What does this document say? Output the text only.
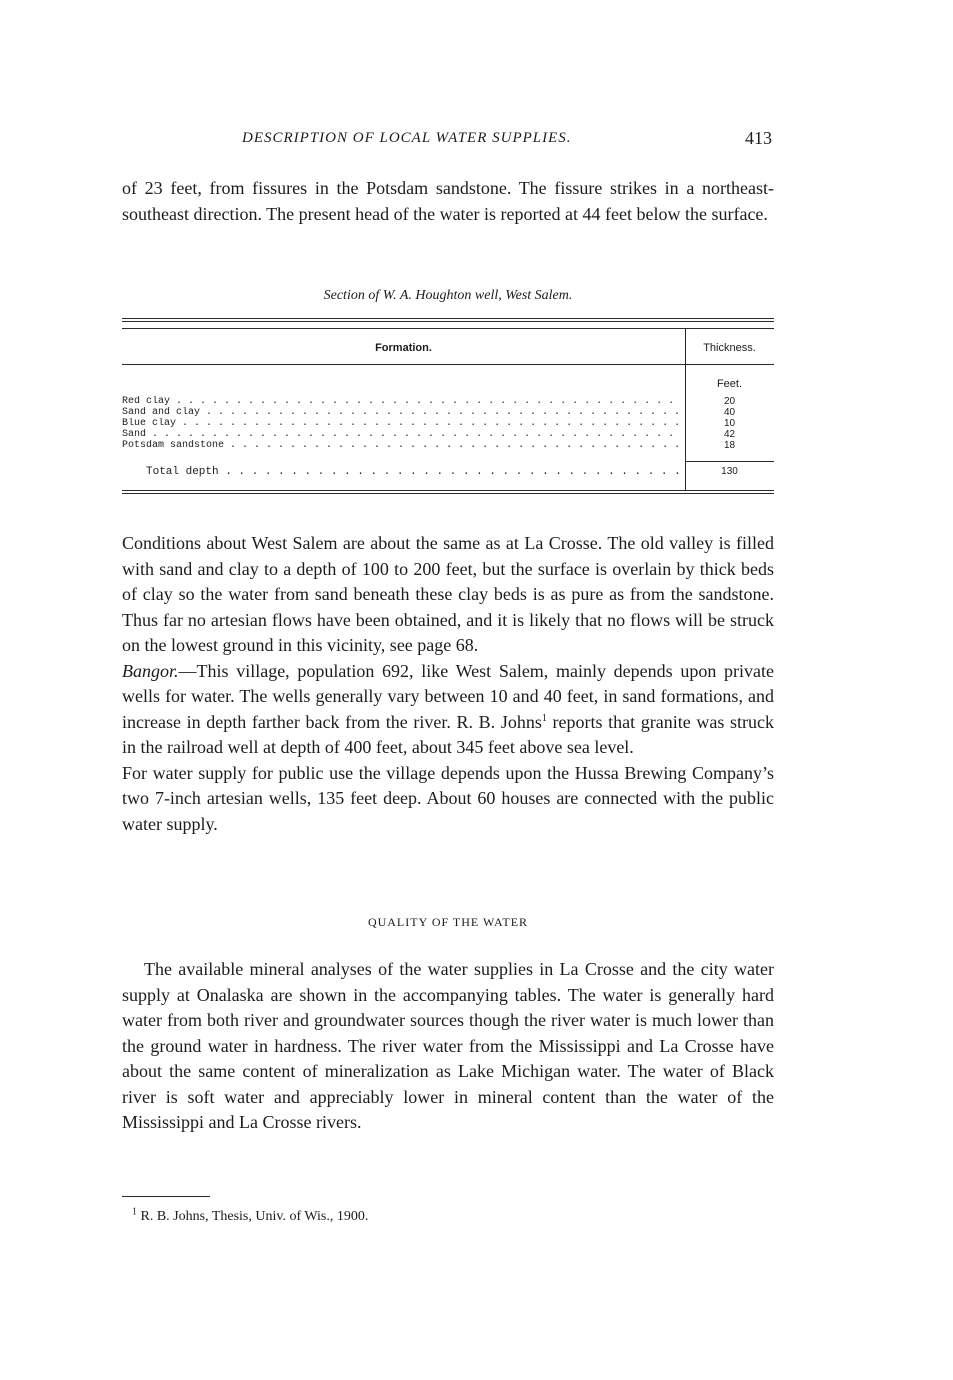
DESCRIPTION OF LOCAL WATER SUPPLIES.	413

of 23 feet, from fissures in the Potsdam sandstone. The fissure strikes in a northeast-southeast direction. The present head of the water is reported at 44 feet below the surface.

Section of W. A. Houghton well, West Salem.
Formation.	Thickness.
Feet.
Red clay . . .	20
Sand and clay . . .	40
Blue clay . . .	10
Sand . . .	42
Potsdam sandstone . . .	18
Total depth . . .	130

Conditions about West Salem are about the same as at La Crosse. The old valley is filled with sand and clay to a depth of 100 to 200 feet, but the surface is overlain by thick beds of clay so the water from sand beneath these clay beds is as pure as from the sandstone. Thus far no artesian flows have been obtained, and it is likely that no flows will be struck on the lowest ground in this vicinity, see page 68.

Bangor.—This village, population 692, like West Salem, mainly depends upon private wells for water. The wells generally vary between 10 and 40 feet, in sand formations, and increase in depth farther back from the river. R. B. Johns$^1$ reports that granite was struck in the railroad well at depth of 400 feet, about 345 feet above sea level.

For water supply for public use the village depends upon the Hussa Brewing Company’s two 7-inch artesian wells, 135 feet deep. About 60 houses are connected with the public water supply.

QUALITY OF THE WATER

The available mineral analyses of the water supplies in La Crosse and the city water supply at Onalaska are shown in the accompanying tables. The water is generally hard water from both river and groundwater sources though the river water is much lower than the ground water in hardness. The river water from the Mississippi and La Crosse have about the same content of mineralization as Lake Michigan water. The water of Black river is soft water and appreciably lower in mineral content than the water of the Mississippi and La Crosse rivers.

$^1$ R. B. Johns, Thesis, Univ. of Wis., 1900.
